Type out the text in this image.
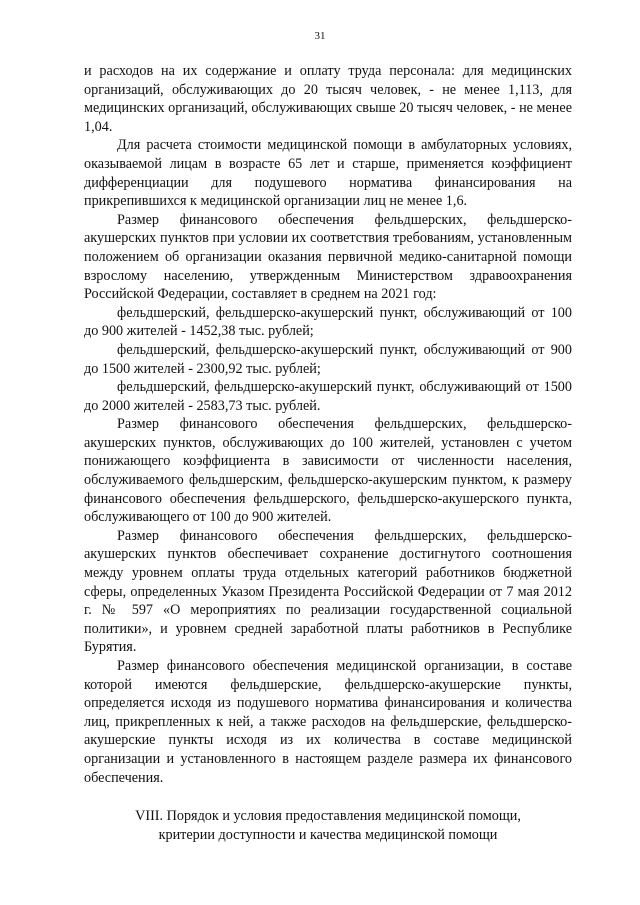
31

и расходов на их содержание и оплату труда персонала: для медицинских организаций, обслуживающих до 20 тысяч человек, - не менее 1,113, для медицинских организаций, обслуживающих свыше 20 тысяч человек, - не менее 1,04.

Для расчета стоимости медицинской помощи в амбулаторных условиях, оказываемой лицам в возрасте 65 лет и старше, применяется коэффициент дифференциации для подушевого норматива финансирования на прикрепившихся к медицинской организации лиц не менее 1,6.

Размер финансового обеспечения фельдшерских, фельдшерско-акушерских пунктов при условии их соответствия требованиям, установленным положением об организации оказания первичной медико-санитарной помощи взрослому населению, утвержденным Министерством здравоохранения Российской Федерации, составляет в среднем на 2021 год:

фельдшерский, фельдшерско-акушерский пункт, обслуживающий от 100 до 900 жителей - 1452,38 тыс. рублей;

фельдшерский, фельдшерско-акушерский пункт, обслуживающий от 900 до 1500 жителей - 2300,92 тыс. рублей;

фельдшерский, фельдшерско-акушерский пункт, обслуживающий от 1500 до 2000 жителей - 2583,73 тыс. рублей.

Размер финансового обеспечения фельдшерских, фельдшерско-акушерских пунктов, обслуживающих до 100 жителей, установлен с учетом понижающего коэффициента в зависимости от численности населения, обслуживаемого фельдшерским, фельдшерско-акушерским пунктом, к размеру финансового обеспечения фельдшерского, фельдшерско-акушерского пункта, обслуживающего от 100 до 900 жителей.

Размер финансового обеспечения фельдшерских, фельдшерско-акушерских пунктов обеспечивает сохранение достигнутого соотношения между уровнем оплаты труда отдельных категорий работников бюджетной сферы, определенных Указом Президента Российской Федерации от 7 мая 2012 г. № 597 «О мероприятиях по реализации государственной социальной политики», и уровнем средней заработной платы работников в Республике Бурятия.

Размер финансового обеспечения медицинской организации, в составе которой имеются фельдшерские, фельдшерско-акушерские пункты, определяется исходя из подушевого норматива финансирования и количества лиц, прикрепленных к ней, а также расходов на фельдшерские, фельдшерско-акушерские пункты исходя из их количества в составе медицинской организации и установленного в настоящем разделе размера их финансового обеспечения.

VIII. Порядок и условия предоставления медицинской помощи,
критерии доступности и качества медицинской помощи
